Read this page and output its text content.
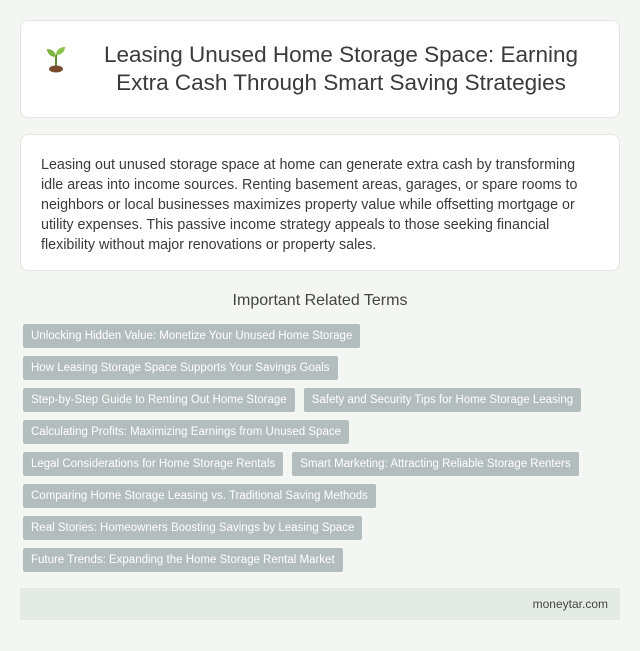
Leasing Unused Home Storage Space: Earning Extra Cash Through Smart Saving Strategies

Leasing out unused storage space at home can generate extra cash by transforming idle areas into income sources. Renting basement areas, garages, or spare rooms to neighbors or local businesses maximizes property value while offsetting mortgage or utility expenses. This passive income strategy appeals to those seeking financial flexibility without major renovations or property sales.

Important Related Terms
Unlocking Hidden Value: Monetize Your Unused Home Storage
How Leasing Storage Space Supports Your Savings Goals
Step-by-Step Guide to Renting Out Home Storage	Safety and Security Tips for Home Storage Leasing
Calculating Profits: Maximizing Earnings from Unused Space
Legal Considerations for Home Storage Rentals	Smart Marketing: Attracting Reliable Storage Renters
Comparing Home Storage Leasing vs. Traditional Saving Methods
Real Stories: Homeowners Boosting Savings by Leasing Space
Future Trends: Expanding the Home Storage Rental Market
moneytar.com
